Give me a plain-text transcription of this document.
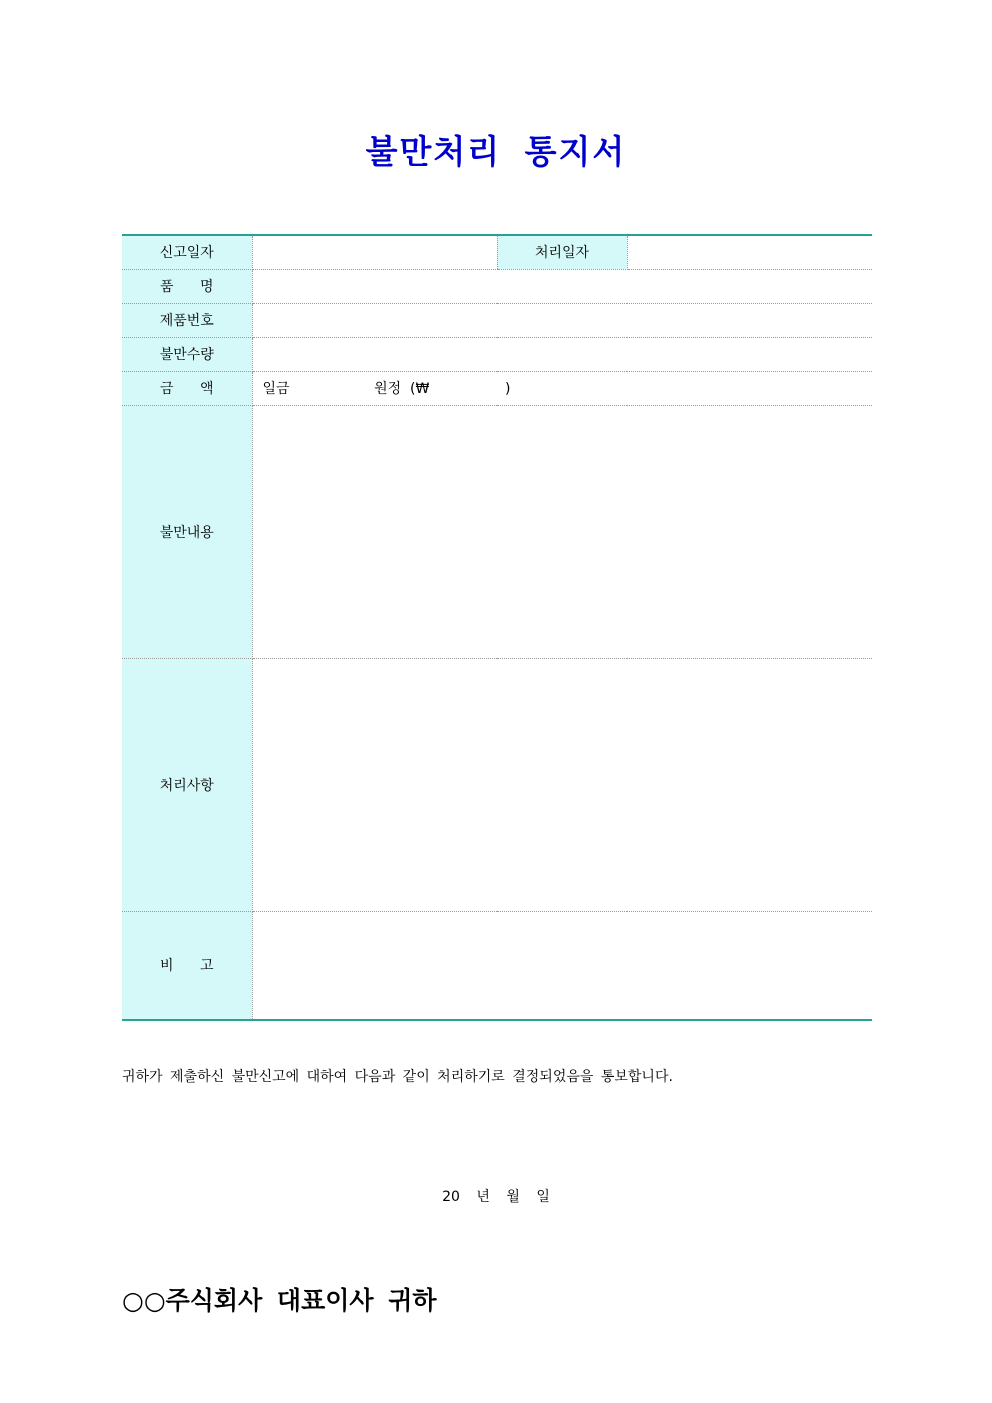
불만처리 통지서
신고일자		처리일자	
품 명			
제품번호			
불만수량			
금 액	일금                   원정  (₩                 )		
불만내용			
처리사항			
비 고			
귀하가 제출하신 불만신고에 대하여 다음과 같이 처리하기로 결정되었음을 통보합니다.
20 년 월 일
○○주식회사 대표이사 귀하
